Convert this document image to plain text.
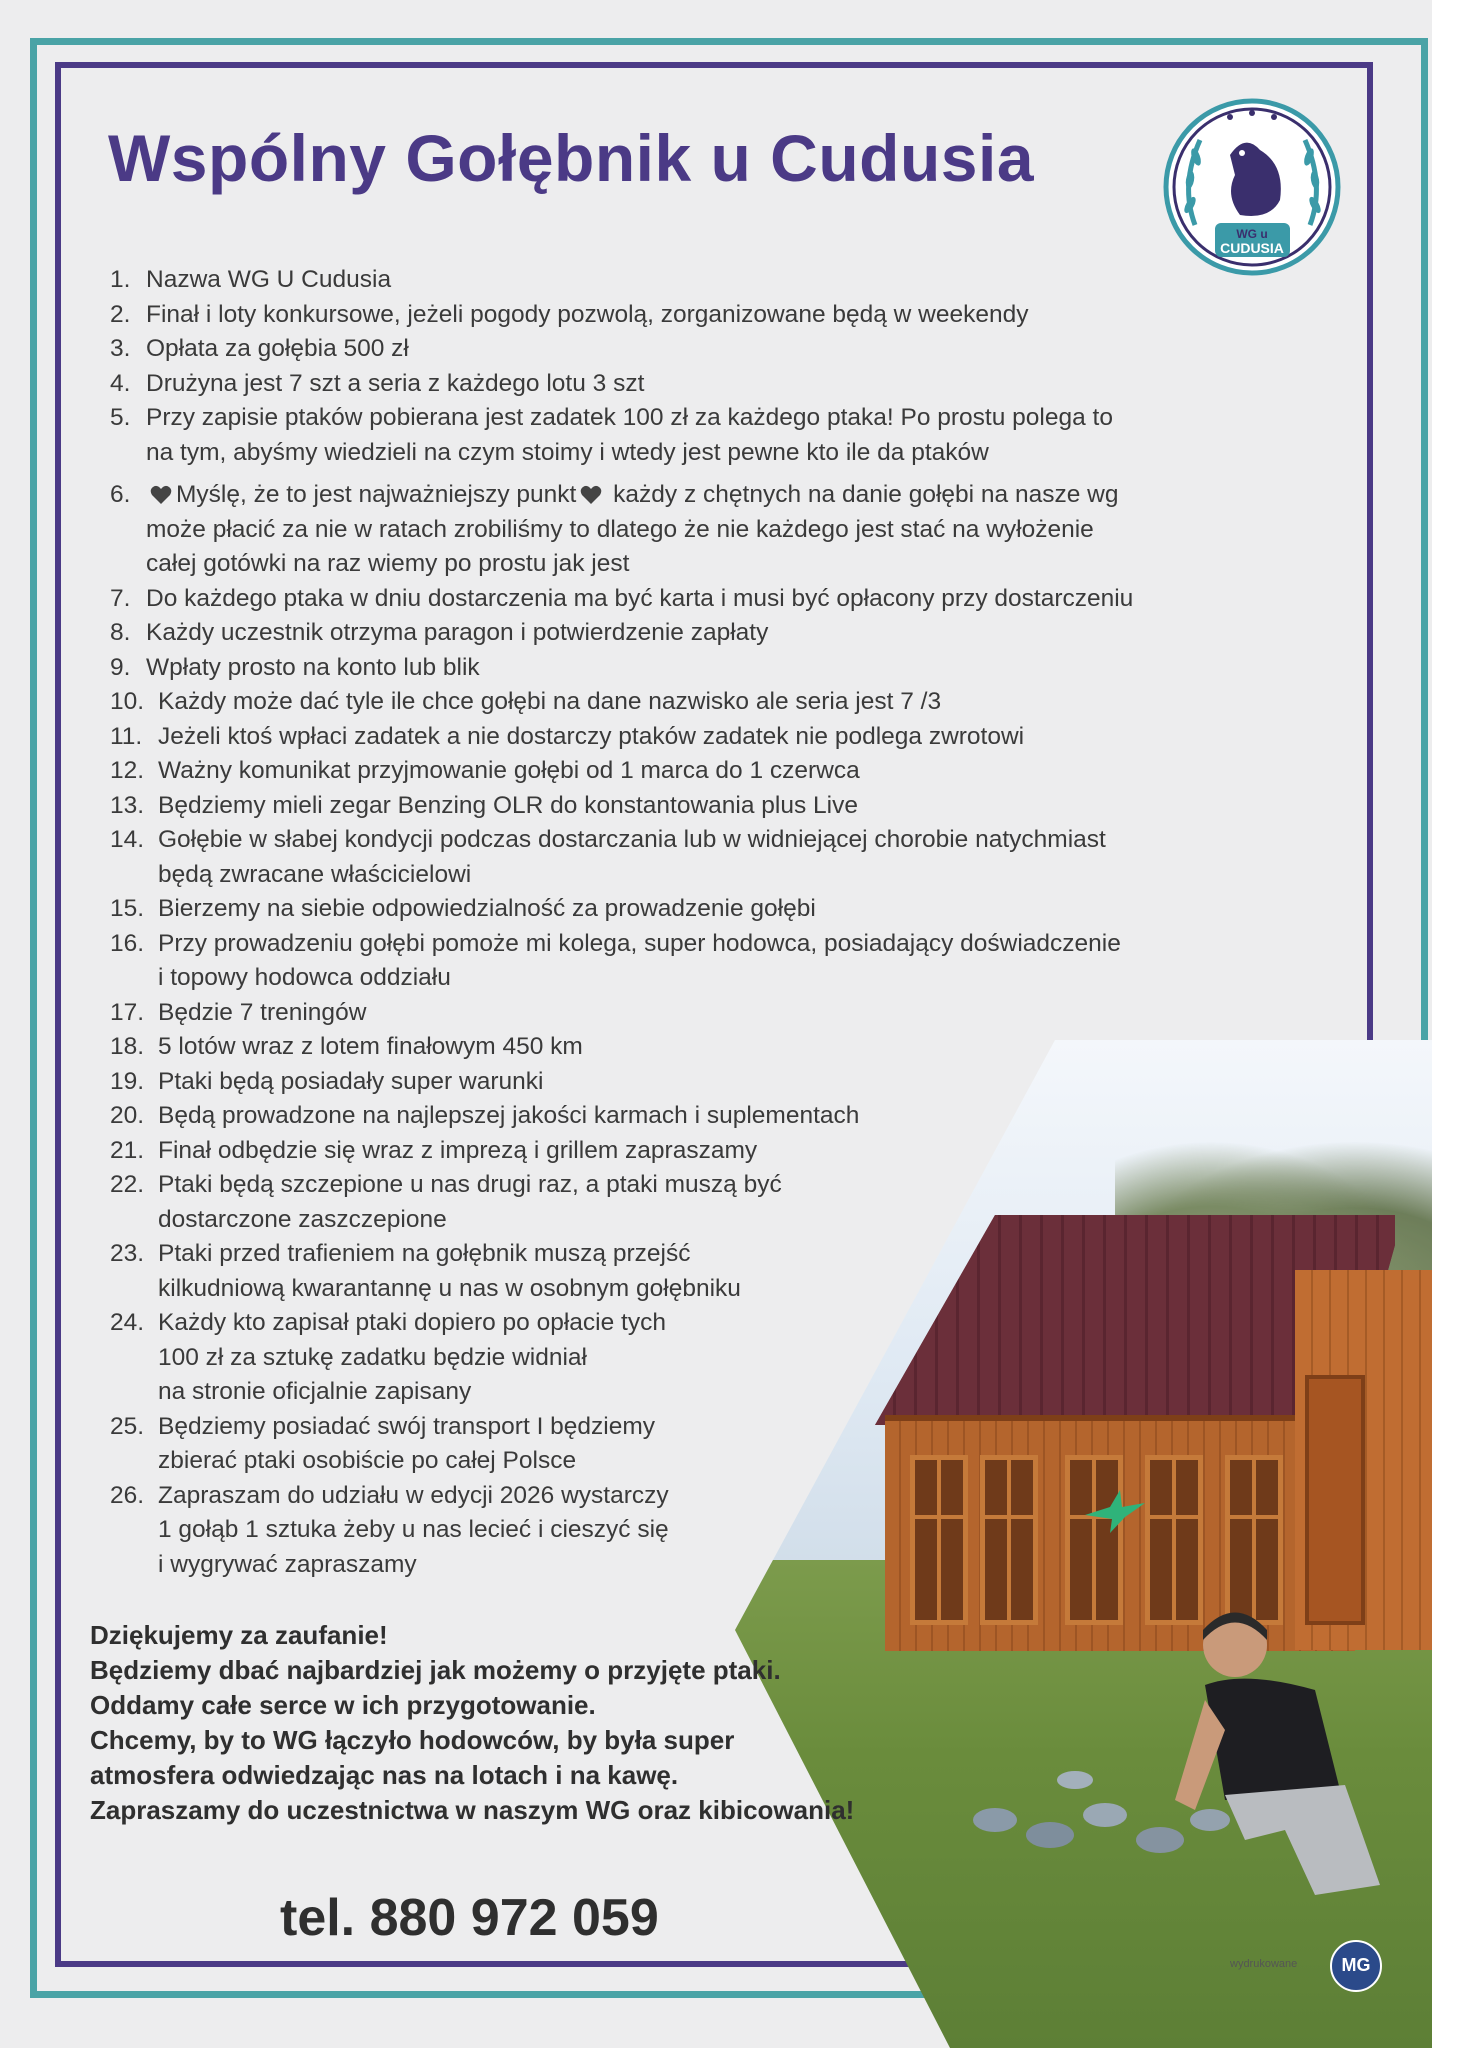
wydrukowane	MG
Wspólny Gołębnik u Cudusia
WG u
CUDUSIA
1. Nazwa WG U Cudusia
2. Finał i loty konkursowe, jeżeli pogody pozwolą, zorganizowane będą w weekendy
3. Opłata za gołębia 500 zł
4. Drużyna jest 7 szt a seria z każdego lotu 3 szt
5. Przy zapisie ptaków pobierana jest zadatek 100 zł za każdego ptaka! Po prostu polega to
na tym, abyśmy wiedzieli na czym stoimy i wtedy jest pewne kto ile da ptaków
6. Myślę, że to jest najważniejszy punkt każdy z chętnych na danie gołębi na nasze wg
może płacić za nie w ratach zrobiliśmy to dlatego że nie każdego jest stać na wyłożenie
całej gotówki na raz wiemy po prostu jak jest
7. Do każdego ptaka w dniu dostarczenia ma być karta i musi być opłacony przy dostarczeniu
8. Każdy uczestnik otrzyma paragon i potwierdzenie zapłaty
9. Wpłaty prosto na konto lub blik
10. Każdy może dać tyle ile chce gołębi na dane nazwisko ale seria jest 7 /3
11. Jeżeli ktoś wpłaci zadatek a nie dostarczy ptaków zadatek nie podlega zwrotowi
12. Ważny komunikat przyjmowanie gołębi od 1 marca do 1 czerwca
13. Będziemy mieli zegar Benzing OLR do konstantowania plus Live
14. Gołębie w słabej kondycji podczas dostarczania lub w widniejącej chorobie natychmiast
będą zwracane właścicielowi
15. Bierzemy na siebie odpowiedzialność za prowadzenie gołębi
16. Przy prowadzeniu gołębi pomoże mi kolega, super hodowca, posiadający doświadczenie
i topowy hodowca oddziału
17. Będzie 7 treningów
18. 5 lotów wraz z lotem finałowym 450 km
19. Ptaki będą posiadały super warunki
20. Będą prowadzone na najlepszej jakości karmach i suplementach
21. Finał odbędzie się wraz z imprezą i grillem zapraszamy
22. Ptaki będą szczepione u nas drugi raz, a ptaki muszą być
dostarczone zaszczepione
23. Ptaki przed trafieniem na gołębnik muszą przejść
kilkudniową kwarantannę u nas w osobnym gołębniku
24. Każdy kto zapisał ptaki dopiero po opłacie tych
100 zł za sztukę zadatku będzie widniał
na stronie oficjalnie zapisany
25. Będziemy posiadać swój transport I będziemy
zbierać ptaki osobiście po całej Polsce
26. Zapraszam do udziału w edycji 2026 wystarczy
1 gołąb 1 sztuka żeby u nas lecieć i cieszyć się
i wygrywać zapraszamy
Dziękujemy za zaufanie!
Będziemy dbać najbardziej jak możemy o przyjęte ptaki.
Oddamy całe serce w ich przygotowanie.
Chcemy, by to WG łączyło hodowców, by była super
atmosfera odwiedzając nas na lotach i na kawę.
Zapraszamy do uczestnictwa w naszym WG oraz kibicowania!
tel. 880 972 059
